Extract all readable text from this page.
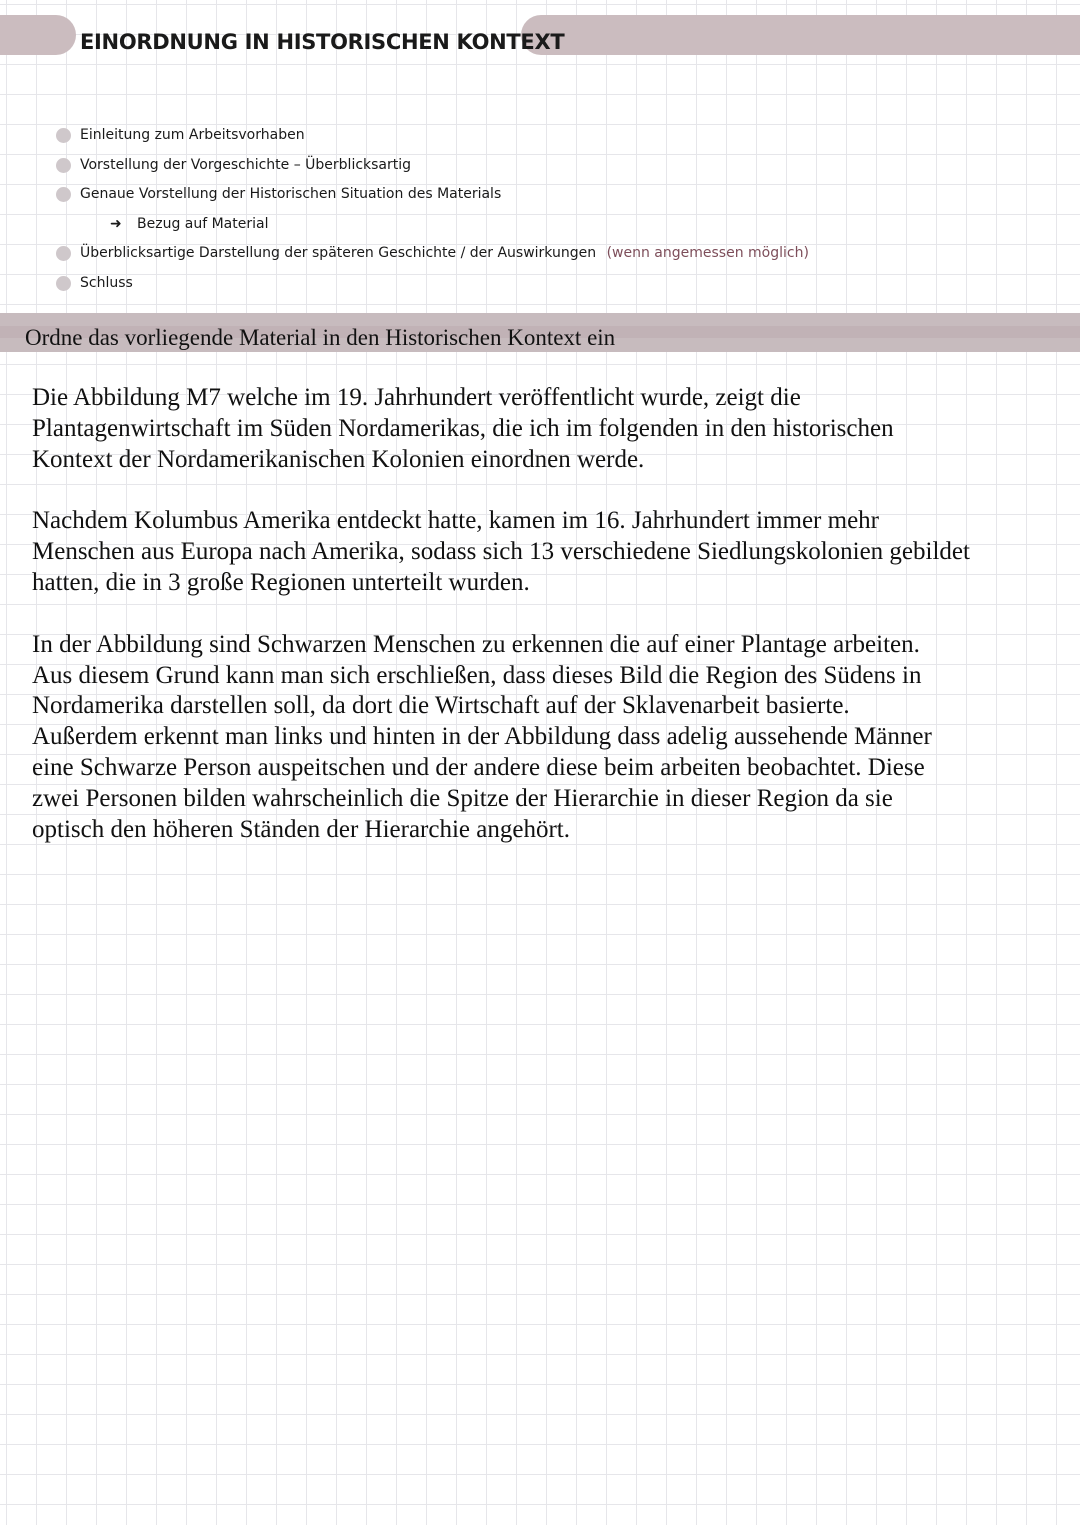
EINORDNUNG IN HISTORISCHEN KONTEXT
Einleitung zum Arbeitsvorhaben
Vorstellung der Vorgeschichte – Überblicksartig
Genaue Vorstellung der Historischen Situation des Materials
➜ Bezug auf Material
Überblicksartige Darstellung der späteren Geschichte / der Auswirkungen (wenn angemessen möglich)
Schluss

Ordne das vorliegende Material in den Historischen Kontext ein

Die Abbildung M7 welche im 19. Jahrhundert veröffentlicht wurde, zeigt die
Plantagenwirtschaft im Süden Nordamerikas, die ich im folgenden in den historischen
Kontext der Nordamerikanischen Kolonien einordnen werde.

Nachdem Kolumbus Amerika entdeckt hatte, kamen im 16. Jahrhundert immer mehr
Menschen aus Europa nach Amerika, sodass sich 13 verschiedene Siedlungskolonien gebildet
hatten, die in 3 große Regionen unterteilt wurden.

In der Abbildung sind Schwarzen Menschen zu erkennen die auf einer Plantage arbeiten.
Aus diesem Grund kann man sich erschließen, dass dieses Bild die Region des Südens in
Nordamerika darstellen soll, da dort die Wirtschaft auf der Sklavenarbeit basierte.
Außerdem erkennt man links und hinten in der Abbildung dass adelig aussehende Männer
eine Schwarze Person auspeitschen und der andere diese beim arbeiten beobachtet. Diese
zwei Personen bilden wahrscheinlich die Spitze der Hierarchie in dieser Region da sie
optisch den höheren Ständen der Hierarchie angehört.
